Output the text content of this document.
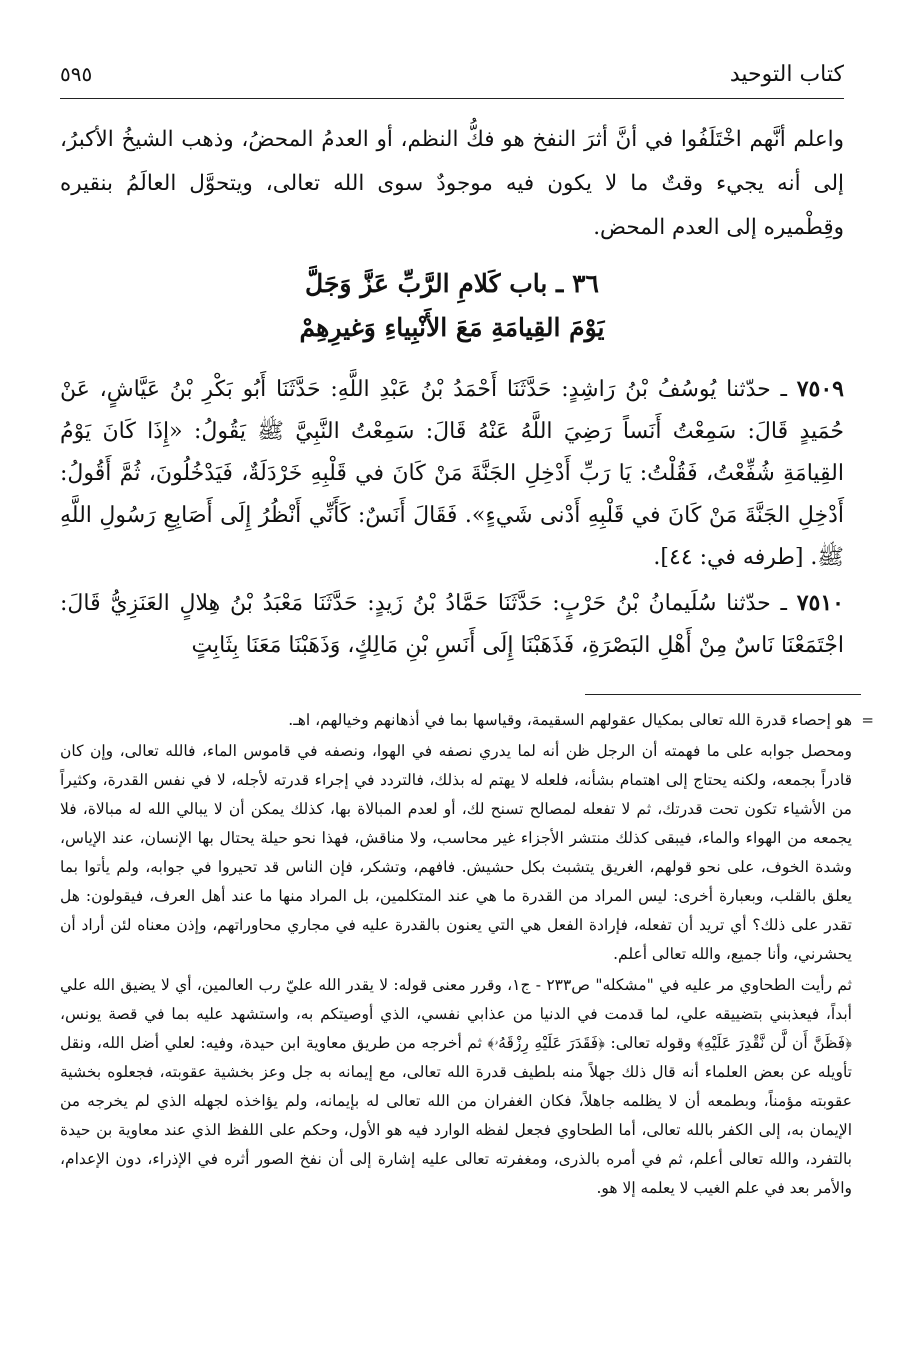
كتاب التوحيد
٥٩٥

واعلم أنَّهم اخْتَلَفُوا في أنَّ أثرَ النفخ هو فكُّ النظم، أو العدمُ المحضُ، وذهب الشيخُ الأكبرُ، إلى أنه يجيء وقتٌ ما لا يكون فيه موجودٌ سوى الله تعالى، ويتحوَّل العالَمُ بنقيره وقِطْميره إلى العدم المحض.

٣٦ ـ باب كَلامِ الرَّبِّ عَزَّ وَجَلَّ
يَوْمَ القِيامَةِ مَعَ الأَنْبِياءِ وَغيرِهِمْ

٧٥٠٩ ـ حدّثنا يُوسُفُ بْنُ رَاشِدٍ: حَدَّثَنَا أَحْمَدُ بْنُ عَبْدِ اللَّهِ: حَدَّثَنَا أَبُو بَكْرِ بْنُ عَيَّاشٍ، عَنْ حُمَيدٍ قَالَ: سَمِعْتُ أَنَساً رَضِيَ اللَّهُ عَنْهُ قَالَ: سَمِعْتُ النَّبِيَّ ﷺ يَقُولُ: «إِذَا كَانَ يَوْمُ القِيامَةِ شُفِّعْتُ، فَقُلْتُ: يَا رَبِّ أَدْخِلِ الجَنَّةَ مَنْ كَانَ في قَلْبِهِ خَرْدَلَةٌ، فَيَدْخُلُونَ، ثُمَّ أَقُولُ: أَدْخِلِ الجَنَّةَ مَنْ كَانَ في قَلْبِهِ أَدْنى شَيءٍ». فَقَالَ أَنَسٌ: كَأَنِّي أَنْظُرُ إِلَى أَصَابِعِ رَسُولِ اللَّهِ ﷺ. [طرفه في: ٤٤].

٧٥١٠ ـ حدّثنا سُلَيمانُ بْنُ حَرْبٍ: حَدَّثَنَا حَمَّادُ بْنُ زَيدٍ: حَدَّثَنَا مَعْبَدُ بْنُ هِلالٍ العَنَزِيُّ قَالَ: اجْتَمَعْنَا نَاسٌ مِنْ أَهْلِ البَصْرَةِ، فَذَهَبْنَا إِلَى أَنَسِ بْنِ مَالِكٍ، وَذَهَبْنَا مَعَنَا بِثَابِتٍ

=
هو إحصاء قدرة الله تعالى بمكيال عقولهم السقيمة، وقياسها بما في أذهانهم وخيالهم، اهـ.
ومحصل جوابه على ما فهمته أن الرجل ظن أنه لما يدري نصفه في الهوا، ونصفه في قاموس الماء، فالله تعالى، وإن كان قادراً بجمعه، ولكنه يحتاج إلى اهتمام بشأنه، فلعله لا يهتم له بذلك، فالتردد في إجراء قدرته لأجله، لا في نفس القدرة، وكثيراً من الأشياء تكون تحت قدرتك، ثم لا تفعله لمصالح تسنح لك، أو لعدم المبالاة بها، كذلك يمكن أن لا يبالي الله له مبالاة، فلا يجمعه من الهواء والماء، فيبقى كذلك منتشر الأجزاء غير محاسب، ولا مناقش، فهذا نحو حيلة يحتال بها الإنسان، عند الإياس، وشدة الخوف، على نحو قولهم، الغريق يتشبث بكل حشيش. فافهم، وتشكر، فإن الناس قد تحيروا في جوابه، ولم يأتوا بما يعلق بالقلب، وبعبارة أخرى: ليس المراد من القدرة ما هي عند المتكلمين، بل المراد منها ما عند أهل العرف، فيقولون: هل تقدر على ذلك؟ أي تريد أن تفعله، فإرادة الفعل هي التي يعنون بالقدرة عليه في مجاري محاوراتهم، وإذن معناه لئن أراد أن يحشرني، وأنا جميع، والله تعالى أعلم.
ثم رأيت الطحاوي مر عليه في "مشكله" ص٢٣٣ - ج١، وقرر معنى قوله: لا يقدر الله عليّ رب العالمين، أي لا يضيق الله علي أبداً، فيعذبني بتضييقه علي، لما قدمت في الدنيا من عذابي نفسي، الذي أوصيتكم به، واستشهد عليه بما في قصة يونس، ﴿فَظَنَّ أَن لَّن نَّقْدِرَ عَلَيْهِ﴾ وقوله تعالى: ﴿فَقَدَرَ عَلَيْهِ رِزْقَهُۥ﴾ ثم أخرجه من طريق معاوية ابن حيدة، وفيه: لعلي أضل الله، ونقل تأويله عن بعض العلماء أنه قال ذلك جهلاً منه بلطيف قدرة الله تعالى، مع إيمانه به جل وعز بخشية عقوبته، فجعلوه بخشية عقوبته مؤمناً، وبطمعه أن لا يظلمه جاهلاً، فكان الغفران من الله تعالى له بإيمانه، ولم يؤاخذه لجهله الذي لم يخرجه من الإيمان به، إلى الكفر بالله تعالى، أما الطحاوي فجعل لفظه الوارد فيه هو الأول، وحكم على اللفظ الذي عند معاوية بن حيدة بالتفرد، والله تعالى أعلم، ثم في أمره بالذرى، ومغفرته تعالى عليه إشارة إلى أن نفخ الصور أثره في الإذراء، دون الإعدام، والأمر بعد في علم الغيب لا يعلمه إلا هو.
